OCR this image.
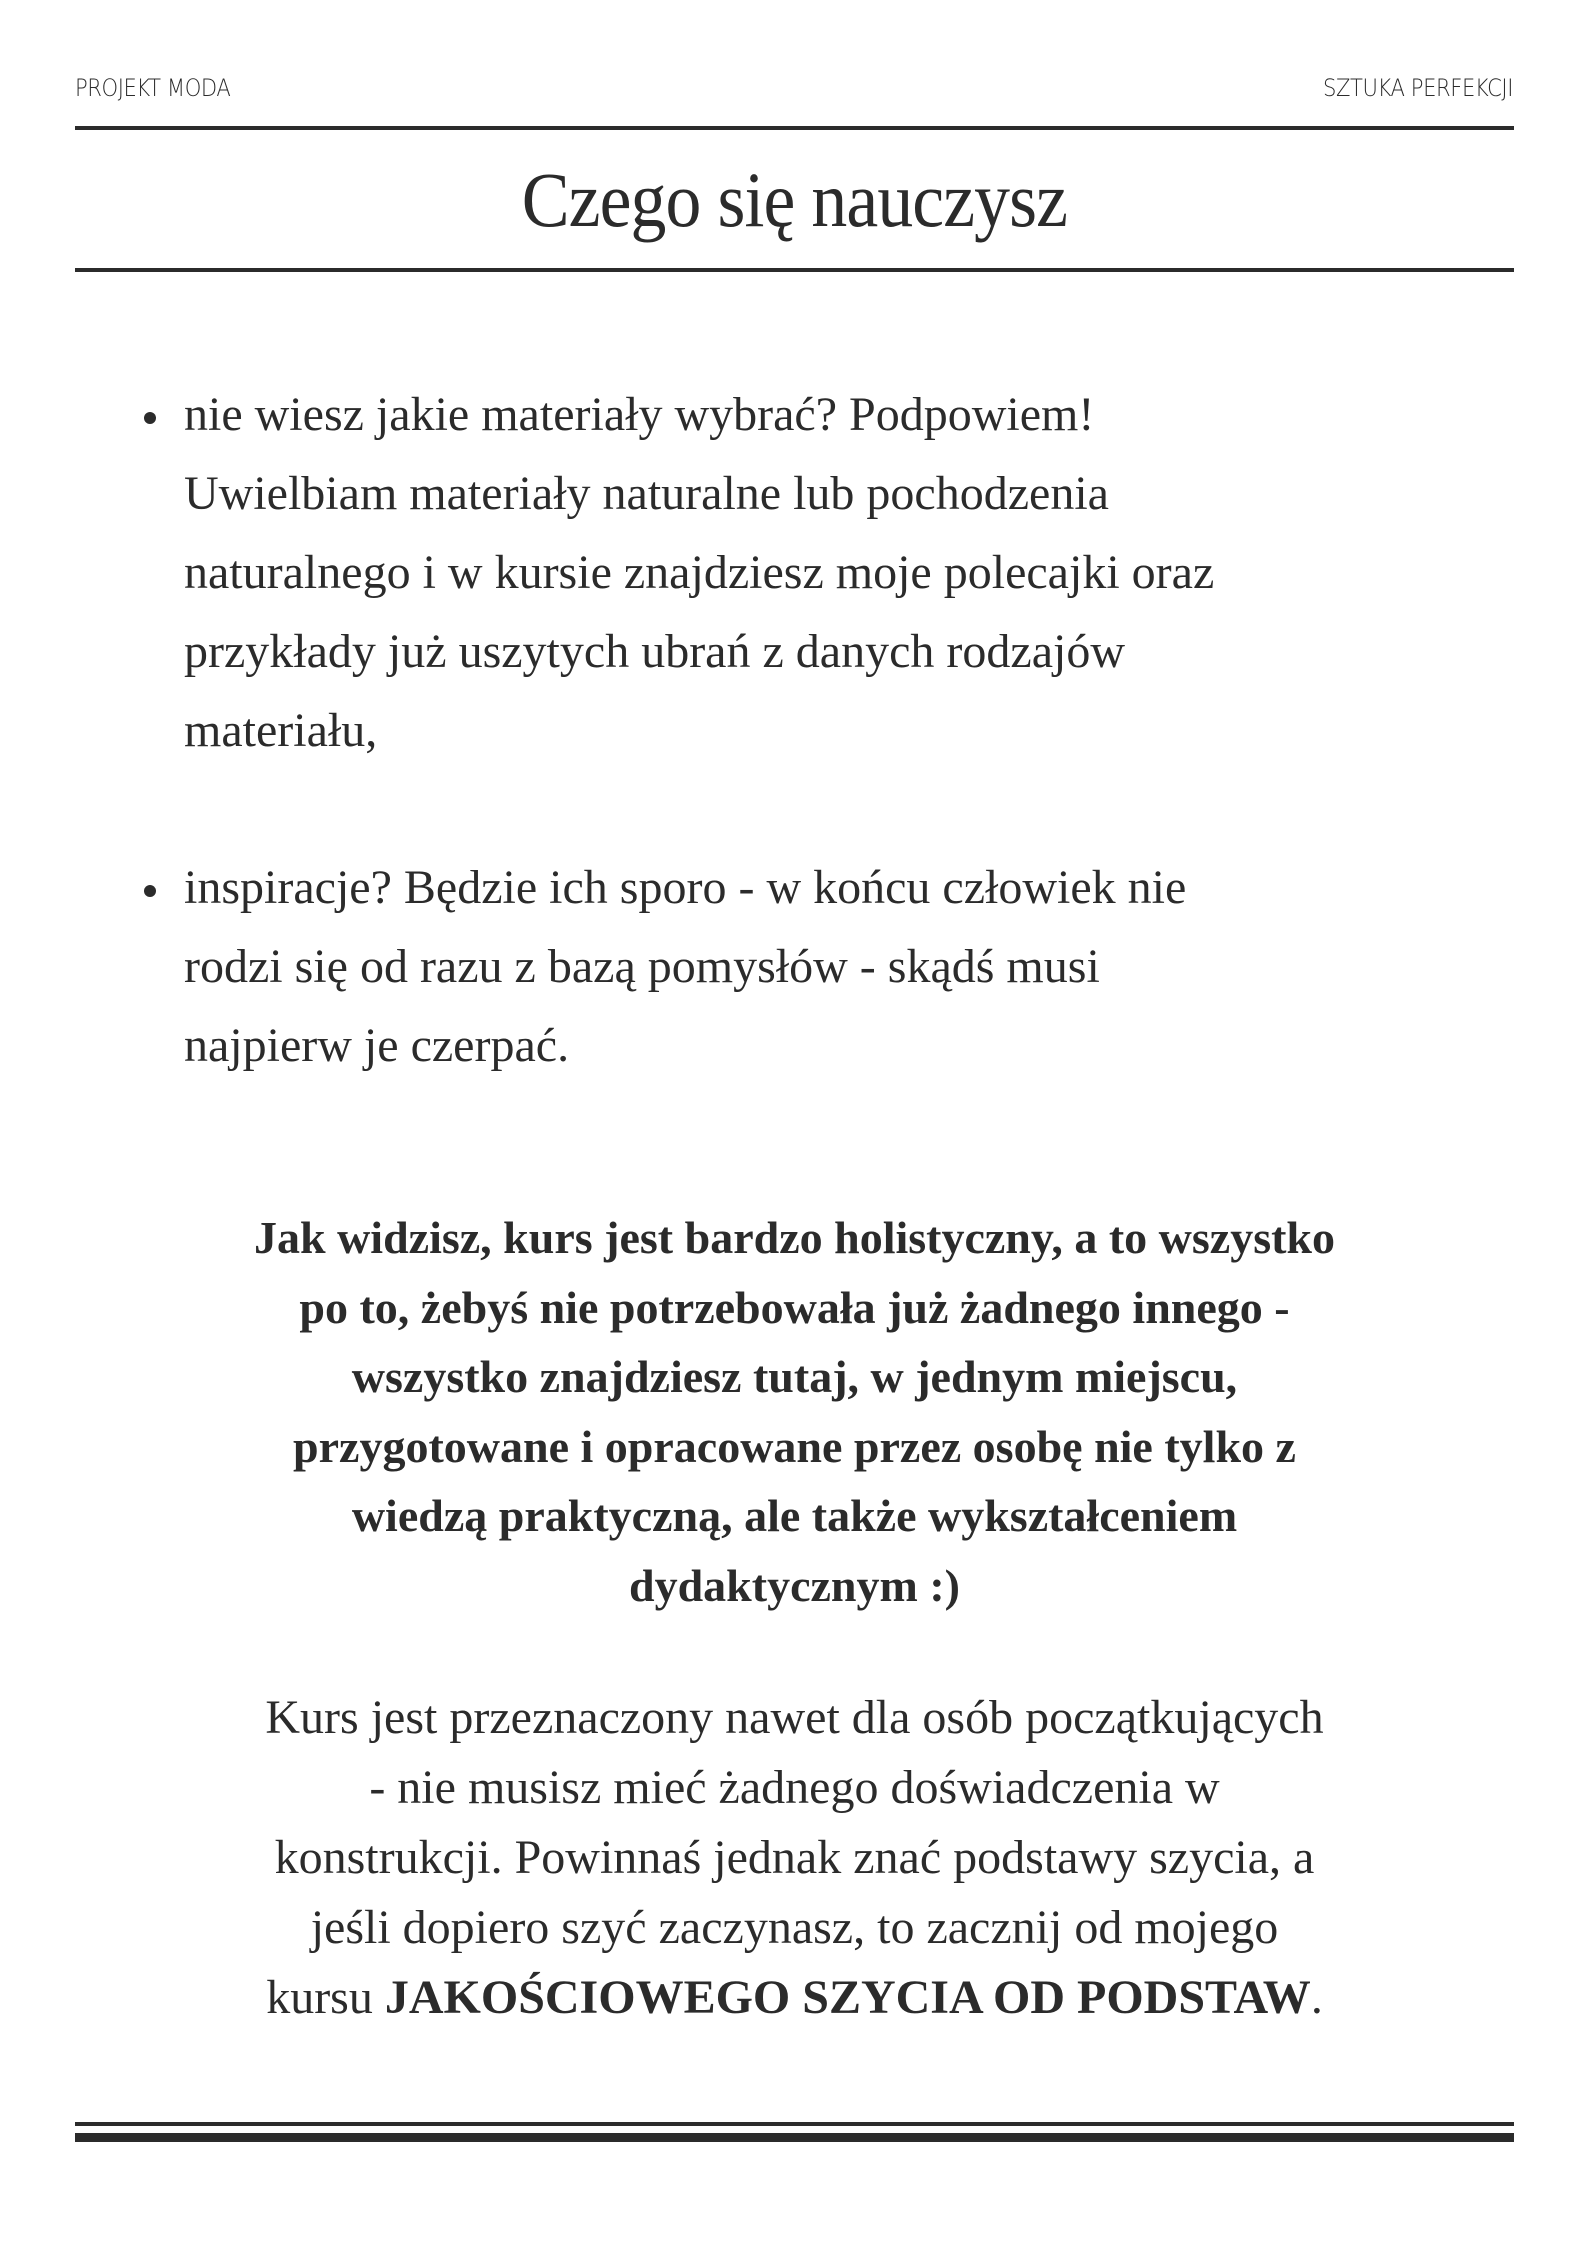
PROJEKT MODA	SZTUKA PERFEKCJI
Czego się nauczysz
nie wiesz jakie materiały wybrać? Podpowiem!
Uwielbiam materiały naturalne lub pochodzenia
naturalnego i w kursie znajdziesz moje polecajki oraz
przykłady już uszytych ubrań z danych rodzajów
materiału,
inspiracje? Będzie ich sporo - w końcu człowiek nie
rodzi się od razu z bazą pomysłów - skądś musi
najpierw je czerpać.
Jak widzisz, kurs jest bardzo holistyczny, a to wszystko
po to, żebyś nie potrzebowała już żadnego innego -
wszystko znajdziesz tutaj, w jednym miejscu,
przygotowane i opracowane przez osobę nie tylko z
wiedzą praktyczną, ale także wykształceniem
dydaktycznym :)
Kurs jest przeznaczony nawet dla osób początkujących
- nie musisz mieć żadnego doświadczenia w
konstrukcji. Powinnaś jednak znać podstawy szycia, a
jeśli dopiero szyć zaczynasz, to zacznij od mojego
kursu JAKOŚCIOWEGO SZYCIA OD PODSTAW.
